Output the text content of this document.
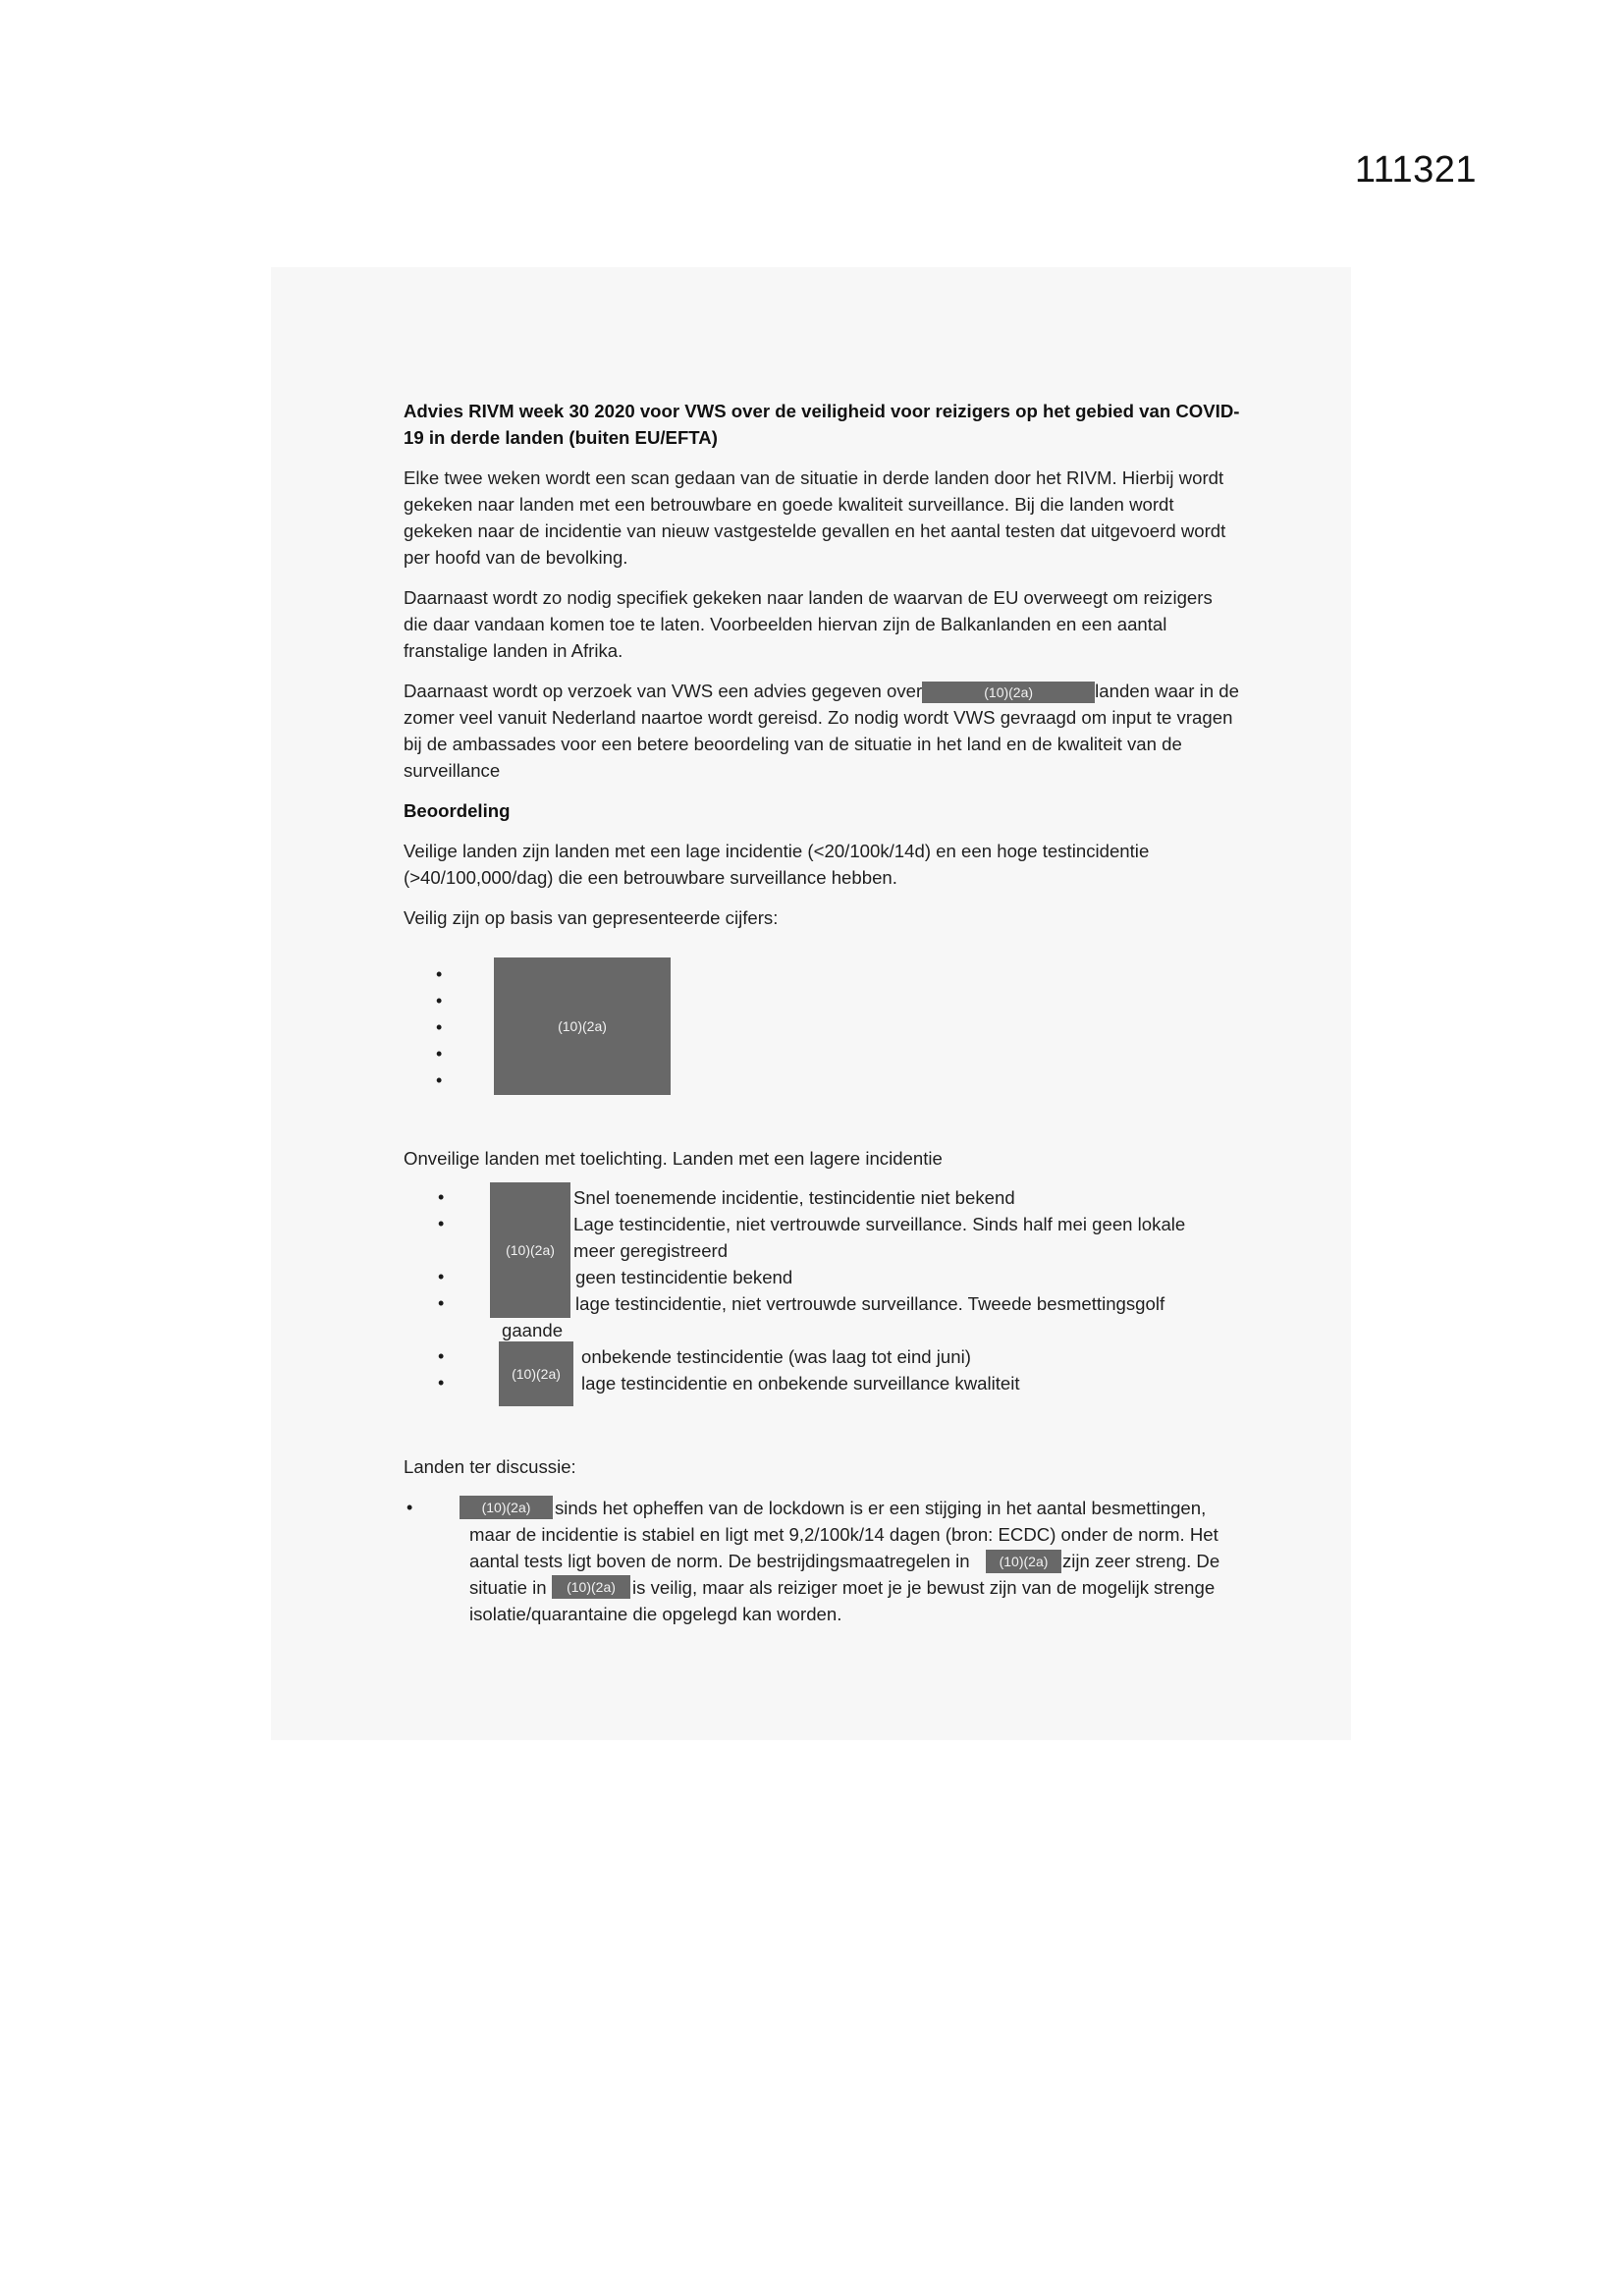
111321

Advies RIVM week 30 2020 voor VWS over de veiligheid voor reizigers op het gebied van COVID-19 in derde landen (buiten EU/EFTA)

Elke twee weken wordt een scan gedaan van de situatie in derde landen door het RIVM. Hierbij wordt gekeken naar landen met een betrouwbare en goede kwaliteit surveillance. Bij die landen wordt gekeken naar de incidentie van nieuw vastgestelde gevallen en het aantal testen dat uitgevoerd wordt per hoofd van de bevolking.

Daarnaast wordt zo nodig specifiek gekeken naar landen de waarvan de EU overweegt om reizigers die daar vandaan komen toe te laten. Voorbeelden hiervan zijn de Balkanlanden en een aantal franstalige landen in Afrika.

Daarnaast wordt op verzoek van VWS een advies gegeven over	(10)(2a)	landen waar in de zomer veel vanuit Nederland naartoe wordt gereisd. Zo nodig wordt VWS gevraagd om input te vragen bij de ambassades voor een betere beoordeling van de situatie in het land en de kwaliteit van de surveillance

Beoordeling

Veilige landen zijn landen met een lage incidentie (<20/100k/14d) en een hoge testincidentie (>40/100,000/dag) die een betrouwbare surveillance hebben.

Veilig zijn op basis van gepresenteerde cijfers:

•
•
•
•
•
(10)(2a)
Onveilige landen met toelichting. Landen met een lagere incidentie
•
•
•
•
•
•
(10)(2a)
(10)(2a)
Snel toenemende incidentie, testincidentie niet bekend
Lage testincidentie, niet vertrouwde surveillance. Sinds half mei geen lokale
meer geregistreerd
geen testincidentie bekend
lage testincidentie, niet vertrouwde surveillance. Tweede besmettingsgolf
gaande
onbekende testincidentie (was laag tot eind juni)
lage testincidentie en onbekende surveillance kwaliteit
Landen ter discussie:
•	(10)(2a)	sinds het opheffen van de lockdown is er een stijging in het aantal besmettingen,
maar de incidentie is stabiel en ligt met 9,2/100k/14 dagen (bron: ECDC) onder de norm. Het
aantal tests ligt boven de norm. De bestrijdingsmaatregelen in	(10)(2a) zijn zeer streng. De
situatie in	(10)(2a) is veilig, maar als reiziger moet je je bewust zijn van de mogelijk strenge
isolatie/quarantaine die opgelegd kan worden.
